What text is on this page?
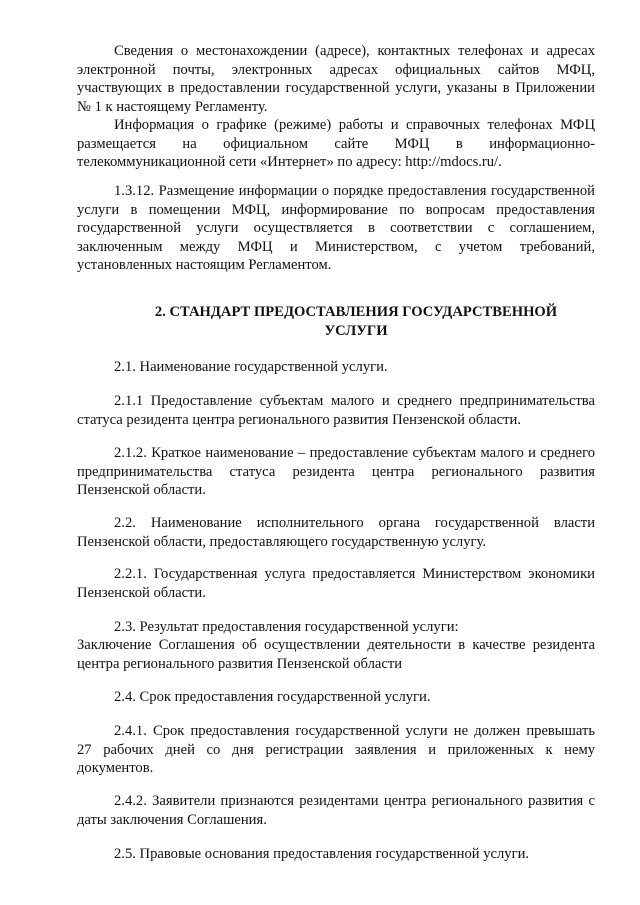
Сведения о местонахождении (адресе), контактных телефонах и адресах электронной почты, электронных адресах официальных сайтов МФЦ, участвующих в предоставлении государственной услуги, указаны в Приложении № 1 к настоящему Регламенту.

Информация о графике (режиме) работы и справочных телефонах МФЦ размещается на официальном сайте МФЦ в информационно-телекоммуникационной сети «Интернет» по адресу: http://mdocs.ru/.

1.3.12. Размещение информации о порядке предоставления государственной услуги в помещении МФЦ, информирование по вопросам предоставления государственной услуги осуществляется в соответствии с соглашением, заключенным между МФЦ и Министерством, с учетом требований, установленных настоящим Регламентом.

2. СТАНДАРТ ПРЕДОСТАВЛЕНИЯ ГОСУДАРСТВЕННОЙ
УСЛУГИ

2.1. Наименование государственной услуги.

2.1.1 Предоставление субъектам малого и среднего предпринимательства статуса резидента центра регионального развития Пензенской области.

2.1.2. Краткое наименование – предоставление субъектам малого и среднего предпринимательства статуса резидента центра регионального развития Пензенской области.

2.2. Наименование исполнительного органа государственной власти Пензенской области, предоставляющего государственную услугу.

2.2.1. Государственная услуга предоставляется Министерством экономики Пензенской области.

2.3. Результат предоставления государственной услуги:

Заключение Соглашения об осуществлении деятельности в качестве резидента центра регионального развития Пензенской области

2.4. Срок предоставления государственной услуги.

2.4.1. Срок предоставления государственной услуги не должен превышать 27 рабочих дней со дня регистрации заявления и приложенных к нему документов.

2.4.2. Заявители признаются резидентами центра регионального развития с даты заключения Соглашения.

2.5. Правовые основания предоставления государственной услуги.
